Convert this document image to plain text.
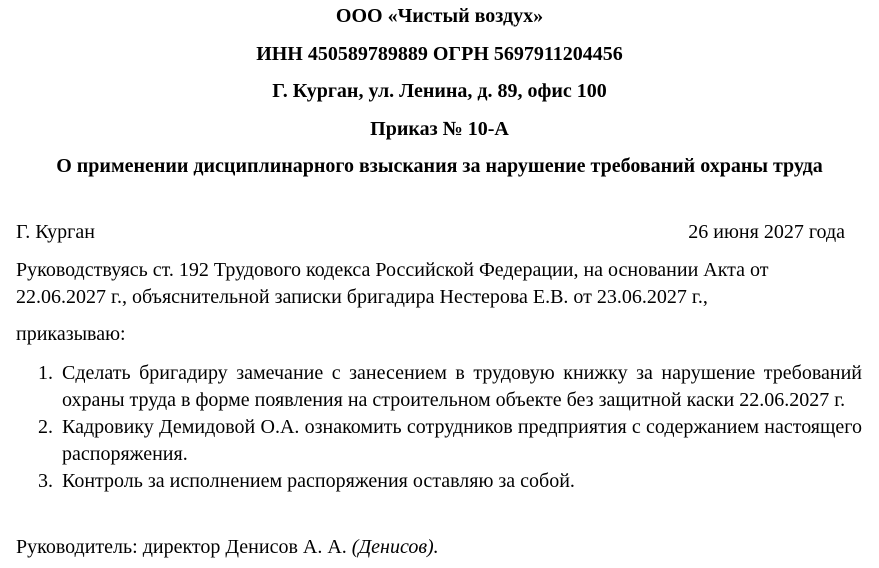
ООО «Чистый воздух»
ИНН 450589789889 ОГРН 5697911204456
Г. Курган, ул. Ленина, д. 89, офис 100
Приказ № 10-А
О применении дисциплинарного взыскания за нарушение требований охраны труда
Г. Курган	26 июня 2027 года
Руководствуясь ст. 192 Трудового кодекса Российской Федерации, на основании Акта от 22.06.2027 г., объяснительной записки бригадира Нестерова Е.В. от 23.06.2027 г.,
приказываю:
1. Сделать бригадиру замечание с занесением в трудовую книжку за нарушение требований охраны труда в форме появления на строительном объекте без защитной каски 22.06.2027 г.
2. Кадровику Демидовой О.А. ознакомить сотрудников предприятия с содержанием настоящего распоряжения.
3. Контроль за исполнением распоряжения оставляю за собой.
Руководитель: директор Денисов А. А. (Денисов).
